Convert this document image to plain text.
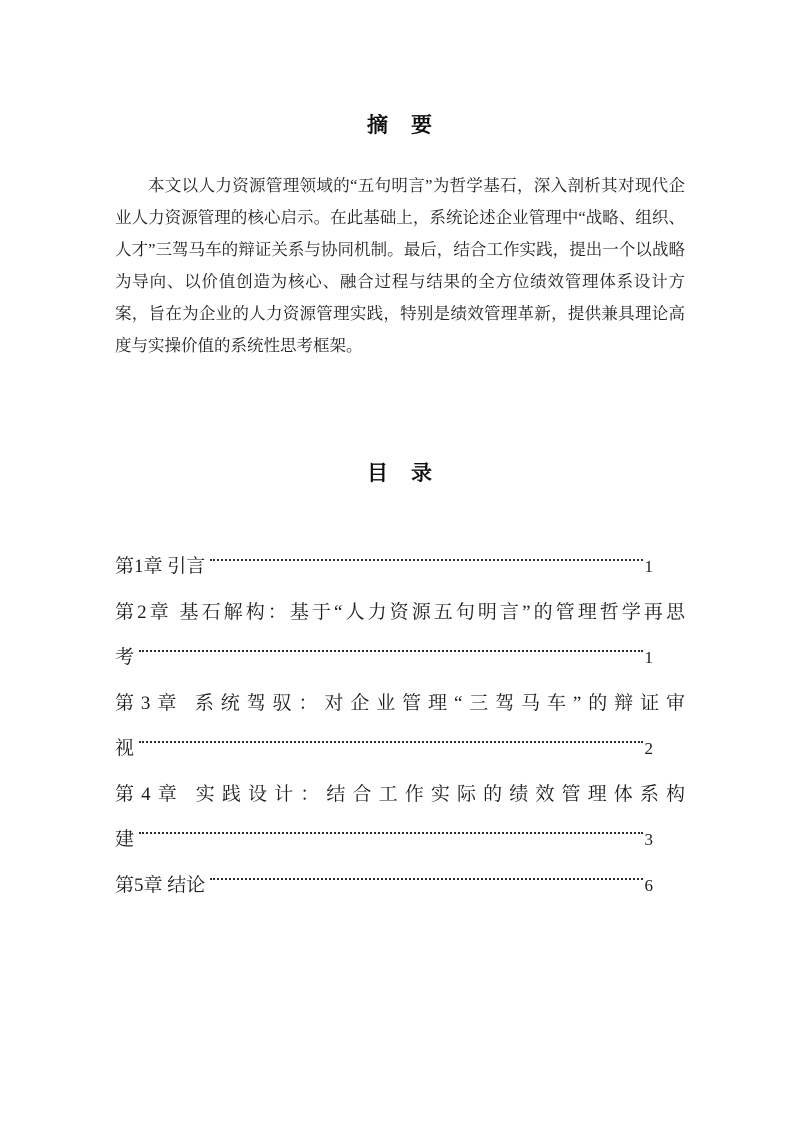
摘　要

本文以人力资源管理领域的“五句明言”为哲学基石，深入剖析其对现代企业人力资源管理的核心启示。在此基础上，系统论述企业管理中“战略、组织、人才”三驾马车的辩证关系与协同机制。最后，结合工作实践，提出一个以战略为导向、以价值创造为核心、融合过程与结果的全方位绩效管理体系设计方案，旨在为企业的人力资源管理实践，特别是绩效管理革新，提供兼具理论高度与实操价值的系统性思考框架。

目　录
第1章 引言	1
第2章 基石解构：基于“人力资源五句明言”的管理哲学再思
考	1
第3章 系统驾驭：对企业管理“三驾马车”的辩证审
视	2
第4章 实践设计：结合工作实际的绩效管理体系构
建	3
第5章 结论	6
